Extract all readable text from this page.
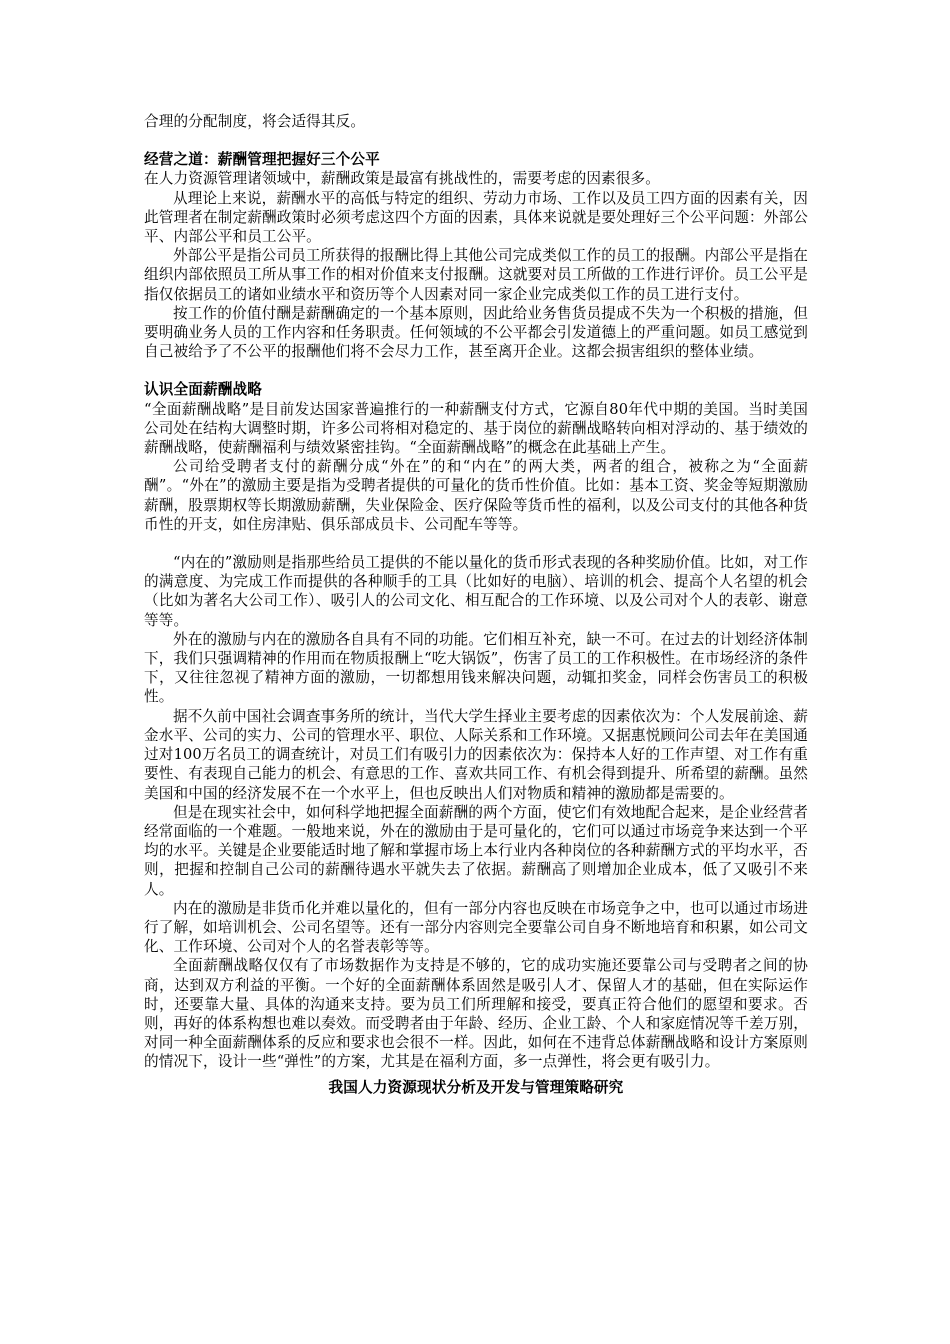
合理的分配制度，将会适得其反。

经营之道：薪酬管理把握好三个公平

在人力资源管理诸领域中，薪酬政策是最富有挑战性的，需要考虑的因素很多。

从理论上来说，薪酬水平的高低与特定的组织、劳动力市场、工作以及员工四方面的因素有关，因此管理者在制定薪酬政策时必须考虑这四个方面的因素，具体来说就是要处理好三个公平问题：外部公平、内部公平和员工公平。

外部公平是指公司员工所获得的报酬比得上其他公司完成类似工作的员工的报酬。内部公平是指在组织内部依照员工所从事工作的相对价值来支付报酬。这就要对员工所做的工作进行评价。员工公平是指仅依据员工的诸如业绩水平和资历等个人因素对同一家企业完成类似工作的员工进行支付。

按工作的价值付酬是薪酬确定的一个基本原则，因此给业务售货员提成不失为一个积极的措施，但要明确业务人员的工作内容和任务职责。任何领域的不公平都会引发道德上的严重问题。如员工感觉到自己被给予了不公平的报酬他们将不会尽力工作，甚至离开企业。这都会损害组织的整体业绩。

认识全面薪酬战略

“全面薪酬战略”是目前发达国家普遍推行的一种薪酬支付方式，它源自80年代中期的美国。当时美国公司处在结构大调整时期，许多公司将相对稳定的、基于岗位的薪酬战略转向相对浮动的、基于绩效的薪酬战略，使薪酬福利与绩效紧密挂钩。“全面薪酬战略”的概念在此基础上产生。

公司给受聘者支付的薪酬分成“外在”的和“内在”的两大类，两者的组合，被称之为“全面薪酬”。“外在”的激励主要是指为受聘者提供的可量化的货币性价值。比如：基本工资、奖金等短期激励薪酬，股票期权等长期激励薪酬，失业保险金、医疗保险等货币性的福利，以及公司支付的其他各种货币性的开支，如住房津贴、俱乐部成员卡、公司配车等等。

“内在的”激励则是指那些给员工提供的不能以量化的货币形式表现的各种奖励价值。比如，对工作的满意度、为完成工作而提供的各种顺手的工具（比如好的电脑）、培训的机会、提高个人名望的机会（比如为著名大公司工作）、吸引人的公司文化、相互配合的工作环境、以及公司对个人的表彰、谢意等等。

外在的激励与内在的激励各自具有不同的功能。它们相互补充，缺一不可。在过去的计划经济体制下，我们只强调精神的作用而在物质报酬上“吃大锅饭”，伤害了员工的工作积极性。在市场经济的条件下，又往往忽视了精神方面的激励，一切都想用钱来解决问题，动辄扣奖金，同样会伤害员工的积极性。

据不久前中国社会调查事务所的统计，当代大学生择业主要考虑的因素依次为：个人发展前途、薪金水平、公司的实力、公司的管理水平、职位、人际关系和工作环境。又据惠悦顾问公司去年在美国通过对100万名员工的调查统计，对员工们有吸引力的因素依次为：保持本人好的工作声望、对工作有重要性、有表现自己能力的机会、有意思的工作、喜欢共同工作、有机会得到提升、所希望的薪酬。虽然美国和中国的经济发展不在一个水平上，但也反映出人们对物质和精神的激励都是需要的。

但是在现实社会中，如何科学地把握全面薪酬的两个方面，使它们有效地配合起来，是企业经营者经常面临的一个难题。一般地来说，外在的激励由于是可量化的，它们可以通过市场竞争来达到一个平均的水平。关键是企业要能适时地了解和掌握市场上本行业内各种岗位的各种薪酬方式的平均水平，否则，把握和控制自己公司的薪酬待遇水平就失去了依据。薪酬高了则增加企业成本，低了又吸引不来人。

内在的激励是非货币化并难以量化的，但有一部分内容也反映在市场竞争之中，也可以通过市场进行了解，如培训机会、公司名望等。还有一部分内容则完全要靠公司自身不断地培育和积累，如公司文化、工作环境、公司对个人的名誉表彰等等。

全面薪酬战略仅仅有了市场数据作为支持是不够的，它的成功实施还要靠公司与受聘者之间的协商，达到双方利益的平衡。一个好的全面薪酬体系固然是吸引人才、保留人才的基础，但在实际运作时，还要靠大量、具体的沟通来支持。要为员工们所理解和接受，要真正符合他们的愿望和要求。否则，再好的体系构想也难以奏效。而受聘者由于年龄、经历、企业工龄、个人和家庭情况等千差万别，对同一种全面薪酬体系的反应和要求也会很不一样。因此，如何在不违背总体薪酬战略和设计方案原则的情况下，设计一些“弹性”的方案，尤其是在福利方面，多一点弹性，将会更有吸引力。

我国人力资源现状分析及开发与管理策略研究
